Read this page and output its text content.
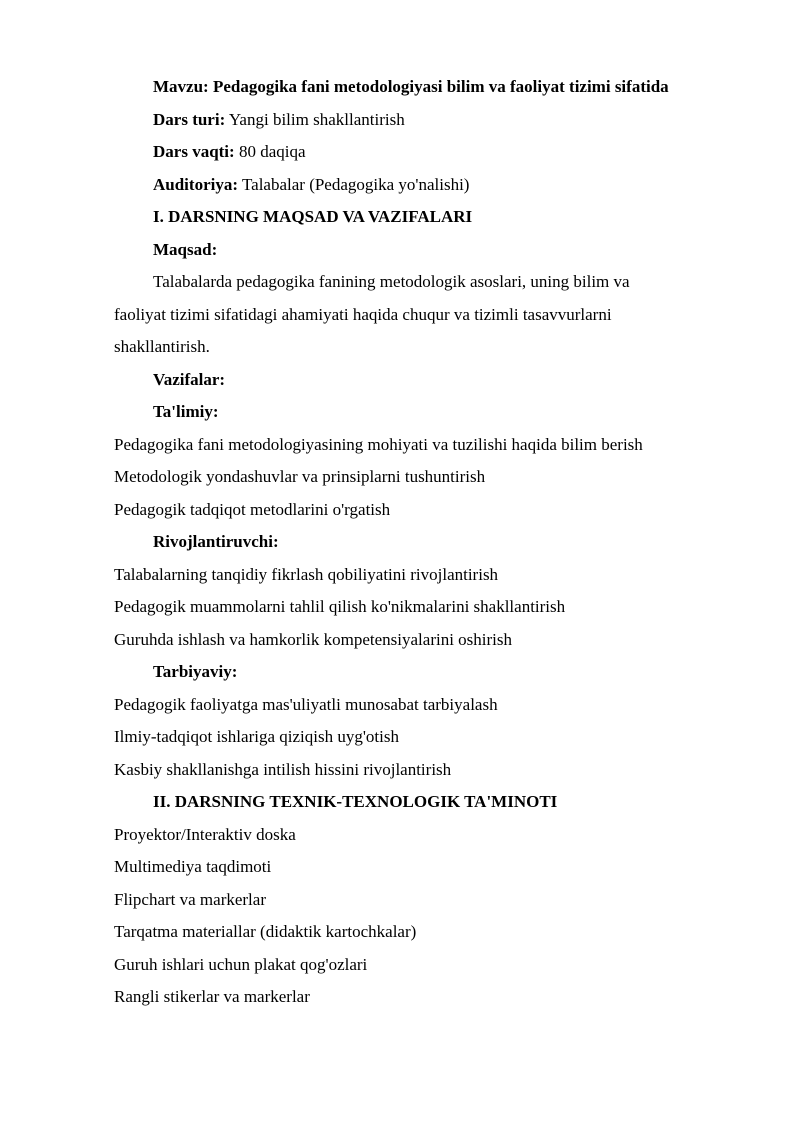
Mavzu: Pedagogika fani metodologiyasi bilim va faoliyat tizimi sifatida
Dars turi: Yangi bilim shakllantirish
Dars vaqti: 80 daqiqa
Auditoriya: Talabalar (Pedagogika yo'nalishi)
I. DARSNING MAQSAD VA VAZIFALARI
Maqsad:
Talabalarda pedagogika fanining metodologik asoslari, uning bilim va
faoliyat tizimi sifatidagi ahamiyati haqida chuqur va tizimli tasavvurlarni
shakllantirish.
Vazifalar:
Ta'limiy:
Pedagogika fani metodologiyasining mohiyati va tuzilishi haqida bilim berish
Metodologik yondashuvlar va prinsiplarni tushuntirish
Pedagogik tadqiqot metodlarini o'rgatish
Rivojlantiruvchi:
Talabalarning tanqidiy fikrlash qobiliyatini rivojlantirish
Pedagogik muammolarni tahlil qilish ko'nikmalarini shakllantirish
Guruhda ishlash va hamkorlik kompetensiyalarini oshirish
Tarbiyaviy:
Pedagogik faoliyatga mas'uliyatli munosabat tarbiyalash
Ilmiy-tadqiqot ishlariga qiziqish uyg'otish
Kasbiy shakllanishga intilish hissini rivojlantirish
II. DARSNING TEXNIK-TEXNOLOGIK TA'MINOTI
Proyektor/Interaktiv doska
Multimediya taqdimoti
Flipchart va markerlar
Tarqatma materiallar (didaktik kartochkalar)
Guruh ishlari uchun plakat qog'ozlari
Rangli stikerlar va markerlar
